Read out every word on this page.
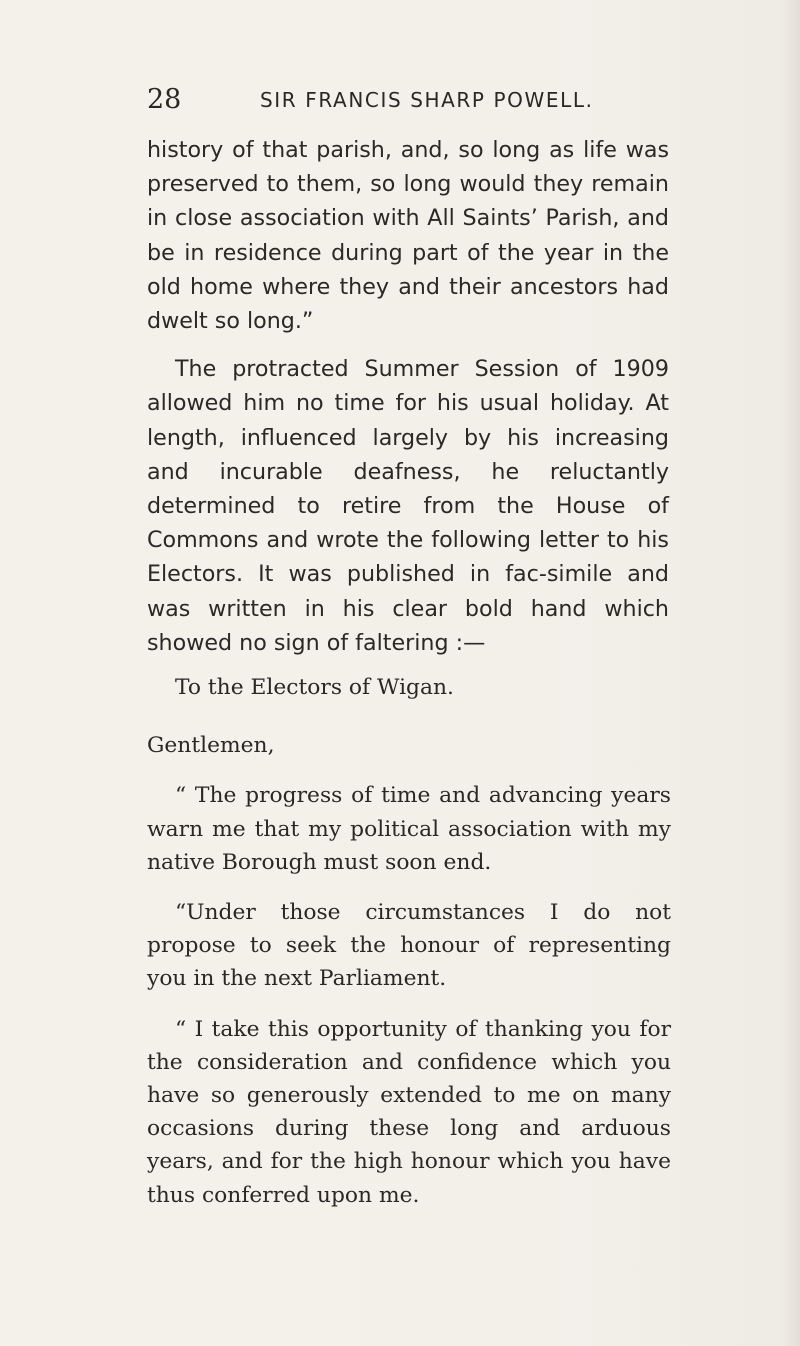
28	SIR FRANCIS SHARP POWELL.

history of that parish, and, so long as life was preserved to them, so long would they remain in close association with All Saints’ Parish, and be in residence during part of the year in the old home where they and their ancestors had dwelt so long.”

The protracted Summer Session of 1909 allowed him no time for his usual holiday. At length, influenced largely by his increasing and incurable deafness, he reluctantly determined to retire from the House of Commons and wrote the following letter to his Electors. It was published in fac-simile and was written in his clear bold hand which showed no sign of faltering :—

To the Electors of Wigan.

Gentlemen,

“ The progress of time and advancing years warn me that my political association with my native Borough must soon end.

“Under those circumstances I do not propose to seek the honour of representing you in the next Parliament.

“ I take this opportunity of thanking you for the consideration and confidence which you have so generously extended to me on many occasions during these long and arduous years, and for the high honour which you have thus conferred upon me.
